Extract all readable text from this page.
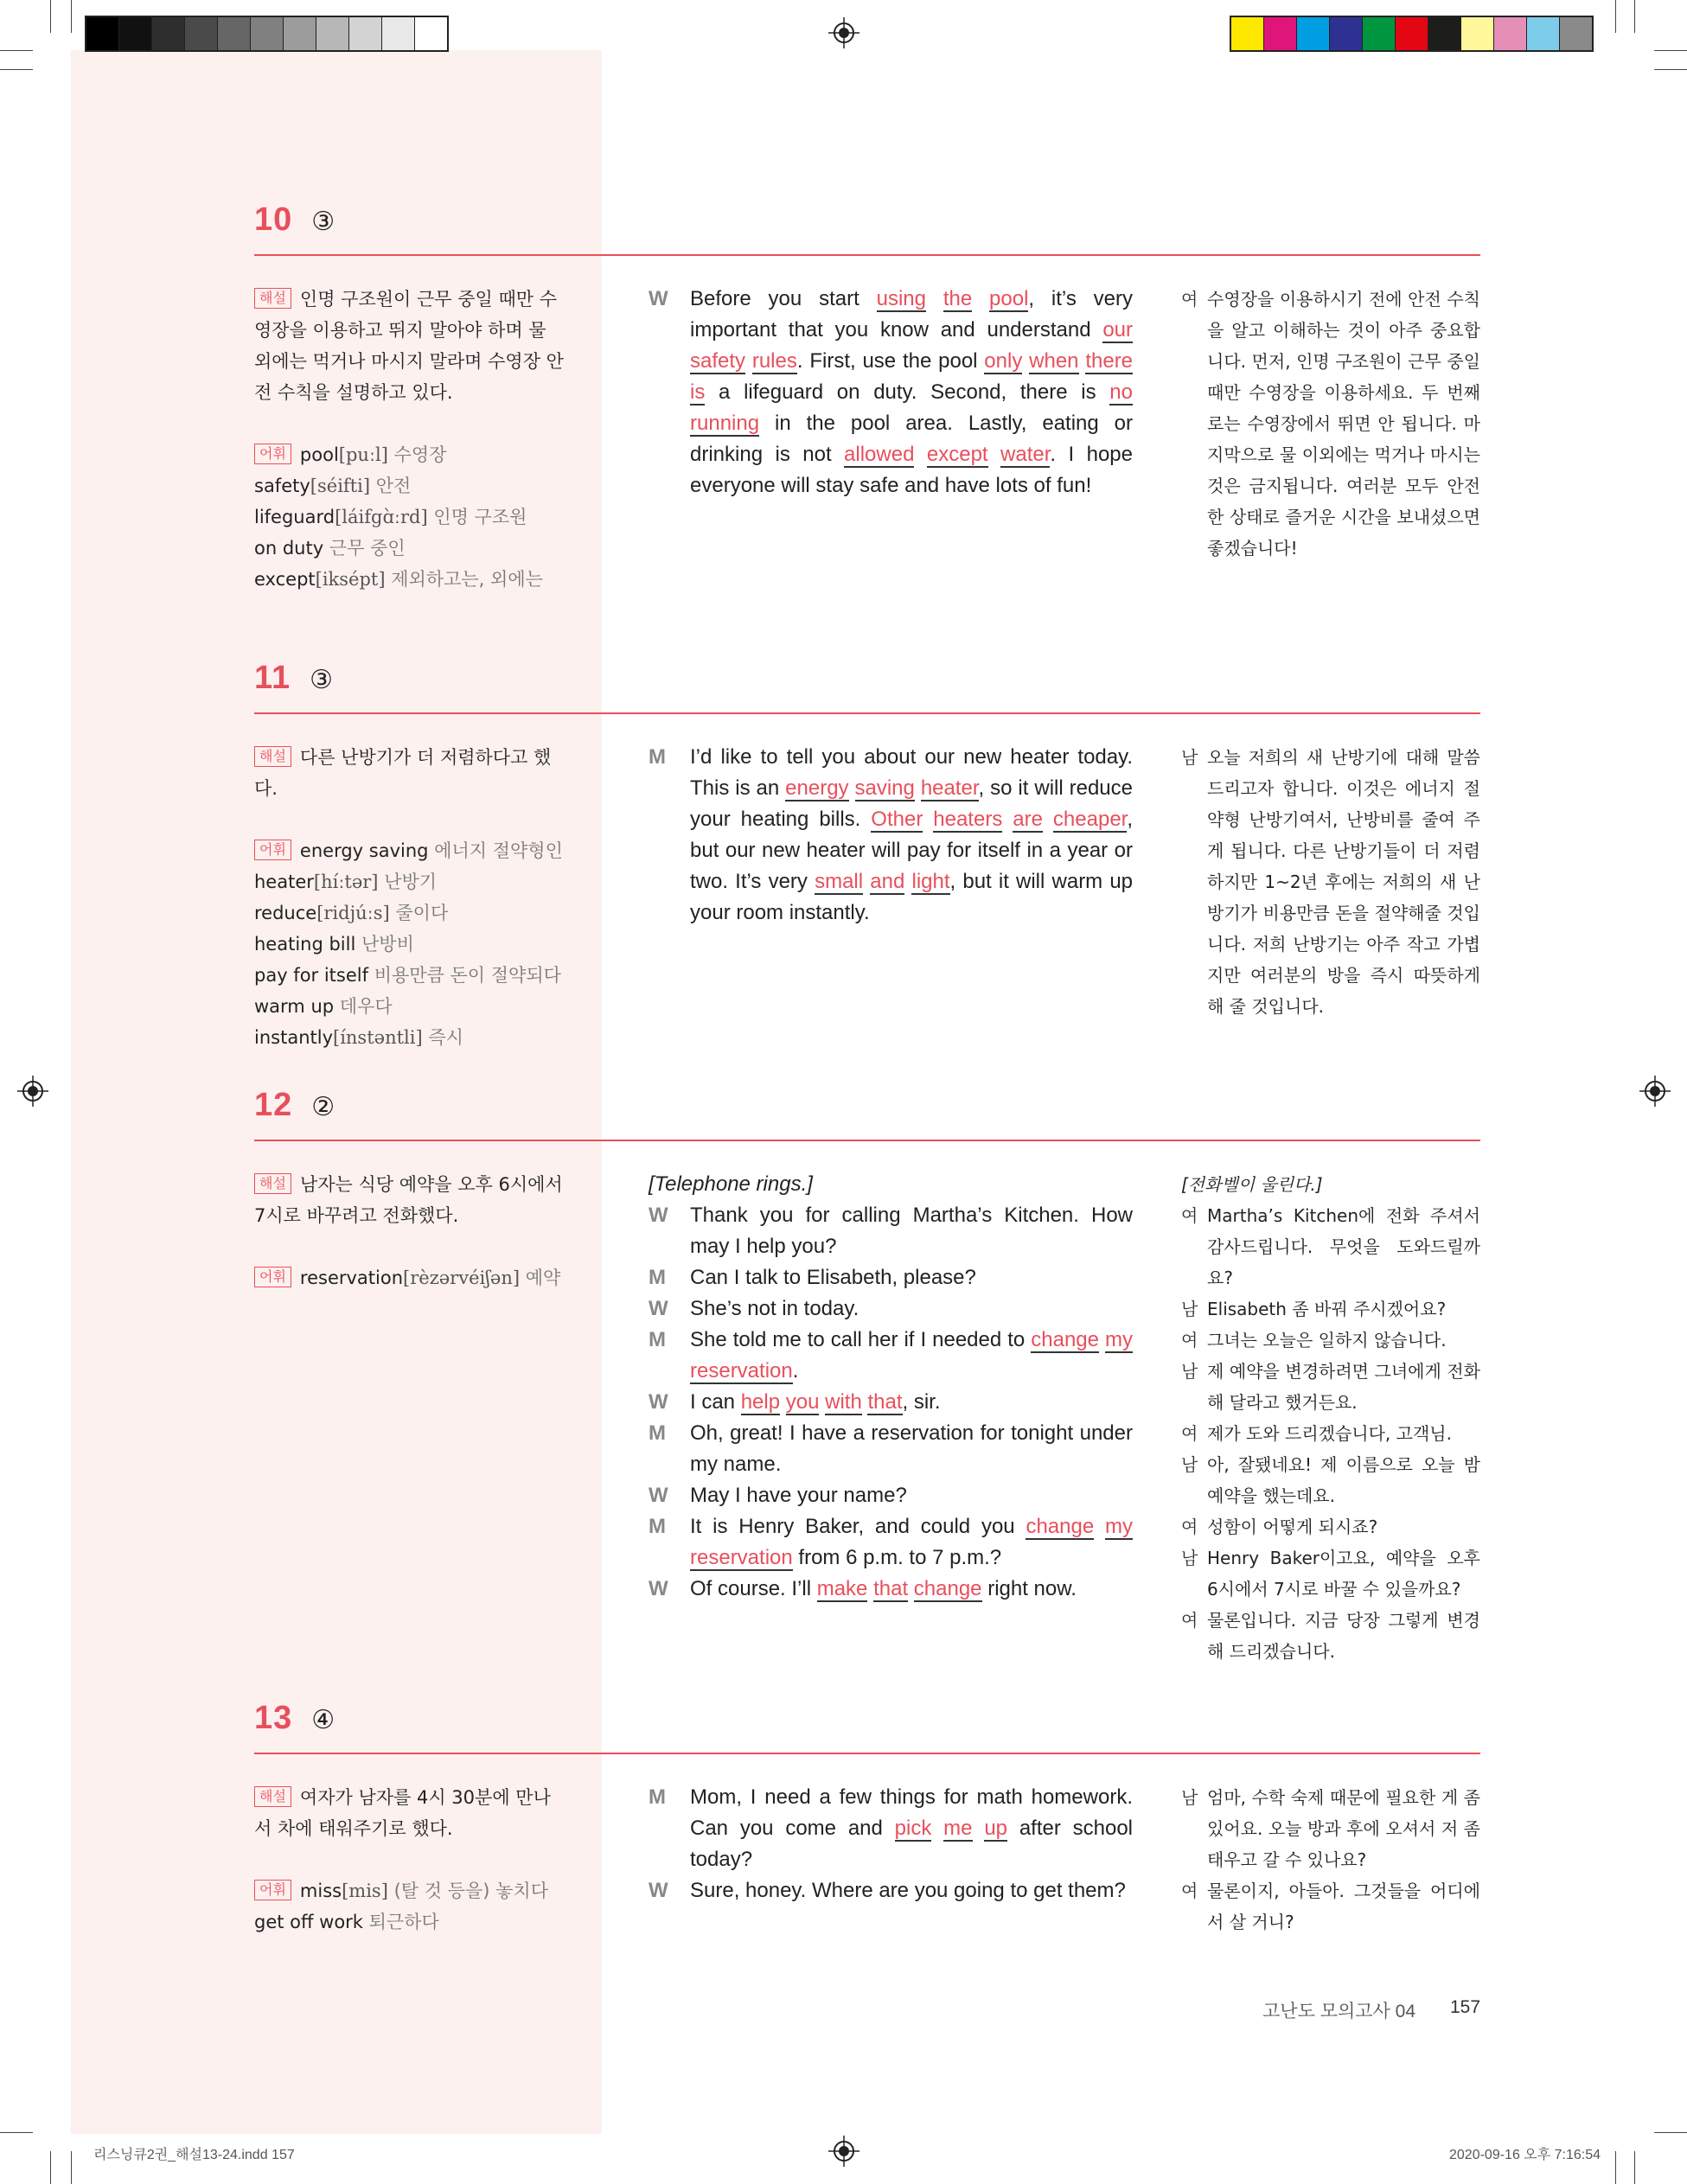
10 ③
해설 인명 구조원이 근무 중일 때만 수영장을 이용하고 뛰지 말아야 하며 물 외에는 먹거나 마시지 말라며 수영장 안전 수칙을 설명하고 있다.
어휘 pool[puːl] 수영장
safety[séifti] 안전
lifeguard[láifgɑ̀ːrd] 인명 구조원
on duty 근무 중인
except[iksépt] 제외하고는, 외에는
W	Before you start using the pool, it’s very important that you know and understand our safety rules. First, use the pool only when there is a lifeguard on duty. Second, there is no running in the pool area. Lastly, eating or drinking is not allowed except water. I hope everyone will stay safe and have lots of fun!
여 수영장을 이용하시기 전에 안전 수칙을 알고 이해하는 것이 아주 중요합니다. 먼저, 인명 구조원이 근무 중일 때만 수영장을 이용하세요. 두 번째로는 수영장에서 뛰면 안 됩니다. 마지막으로 물 이외에는 먹거나 마시는 것은 금지됩니다. 여러분 모두 안전한 상태로 즐거운 시간을 보내셨으면 좋겠습니다!
11 ③
해설 다른 난방기가 더 저렴하다고 했다.
어휘 energy saving 에너지 절약형인
heater[híːtər] 난방기
reduce[ridjúːs] 줄이다
heating bill 난방비
pay for itself 비용만큼 돈이 절약되다
warm up 데우다
instantly[ínstəntli] 즉시
M	I’d like to tell you about our new heater today. This is an energy saving heater, so it will reduce your heating bills. Other heaters are cheaper, but our new heater will pay for itself in a year or two. It’s very small and light, but it will warm up your room instantly.
남 오늘 저희의 새 난방기에 대해 말씀드리고자 합니다. 이것은 에너지 절약형 난방기여서, 난방비를 줄여 주게 됩니다. 다른 난방기들이 더 저렴하지만 1~2년 후에는 저희의 새 난방기가 비용만큼 돈을 절약해줄 것입니다. 저희 난방기는 아주 작고 가볍지만 여러분의 방을 즉시 따뜻하게 해 줄 것입니다.
12 ②
해설 남자는 식당 예약을 오후 6시에서 7시로 바꾸려고 전화했다.
어휘 reservation[rèzərvéiʃən] 예약
[Telephone rings.]
W	Thank you for calling Martha’s Kitchen. How may I help you?
M	Can I talk to Elisabeth, please?
W	She’s not in today.
M	She told me to call her if I needed to change my reservation.
W	I can help you with that, sir.
M	Oh, great! I have a reservation for tonight under my name.
W	May I have your name?
M	It is Henry Baker, and could you change my reservation from 6 p.m. to 7 p.m.?
W	Of course. I’ll make that change right now.
[전화벨이 울린다.]
여 Martha’s Kitchen에 전화 주셔서 감사드립니다. 무엇을 도와드릴까요?
남 Elisabeth 좀 바꿔 주시겠어요?
여 그녀는 오늘은 일하지 않습니다.
남 제 예약을 변경하려면 그녀에게 전화해 달라고 했거든요.
여 제가 도와 드리겠습니다, 고객님.
남 아, 잘됐네요! 제 이름으로 오늘 밤 예약을 했는데요.
여 성함이 어떻게 되시죠?
남 Henry Baker이고요, 예약을 오후 6시에서 7시로 바꿀 수 있을까요?
여 물론입니다. 지금 당장 그렇게 변경해 드리겠습니다.
13 ④
해설 여자가 남자를 4시 30분에 만나서 차에 태워주기로 했다.
어휘 miss[mis] (탈 것 등을) 놓치다
get off work 퇴근하다
M	Mom, I need a few things for math homework. Can you come and pick me up after school today?
W	Sure, honey. Where are you going to get them?
남 엄마, 수학 숙제 때문에 필요한 게 좀 있어요. 오늘 방과 후에 오셔서 저 좀 태우고 갈 수 있나요?
여 물론이지, 아들아. 그것들을 어디에서 살 거니?
고난도 모의고사 04 157
리스닝큐2권_해설13-24.indd 157	2020-09-16 오후 7:16:54
